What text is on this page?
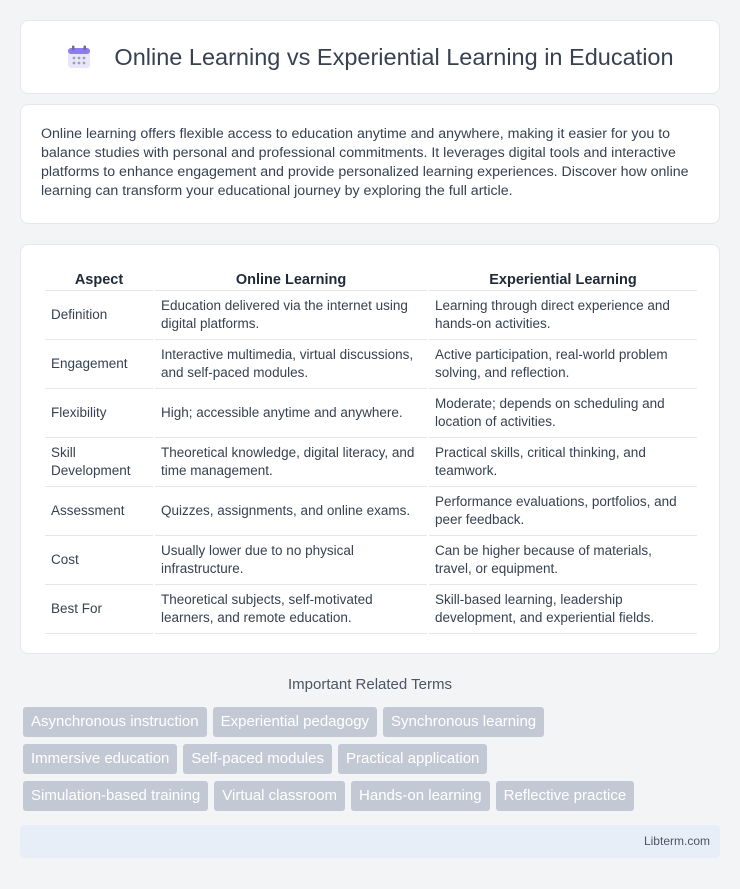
Online Learning vs Experiential Learning in Education

Online learning offers flexible access to education anytime and anywhere, making it easier for you to balance studies with personal and professional commitments. It leverages digital tools and interactive platforms to enhance engagement and provide personalized learning experiences. Discover how online learning can transform your educational journey by exploring the full article.

Aspect	Online Learning	Experiential Learning
Definition	Education delivered via the internet using digital platforms.	Learning through direct experience and hands-on activities.
Engagement	Interactive multimedia, virtual discussions, and self-paced modules.	Active participation, real-world problem solving, and reflection.
Flexibility	High; accessible anytime and anywhere.	Moderate; depends on scheduling and location of activities.
Skill Development	Theoretical knowledge, digital literacy, and time management.	Practical skills, critical thinking, and teamwork.
Assessment	Quizzes, assignments, and online exams.	Performance evaluations, portfolios, and peer feedback.
Cost	Usually lower due to no physical infrastructure.	Can be higher because of materials, travel, or equipment.
Best For	Theoretical subjects, self-motivated learners, and remote education.	Skill-based learning, leadership development, and experiential fields.
Important Related Terms
Asynchronous instruction	Experiential pedagogy	Synchronous learning
Immersive education	Self-paced modules	Practical application
Simulation-based training	Virtual classroom	Hands-on learning	Reflective practice
Libterm.com
